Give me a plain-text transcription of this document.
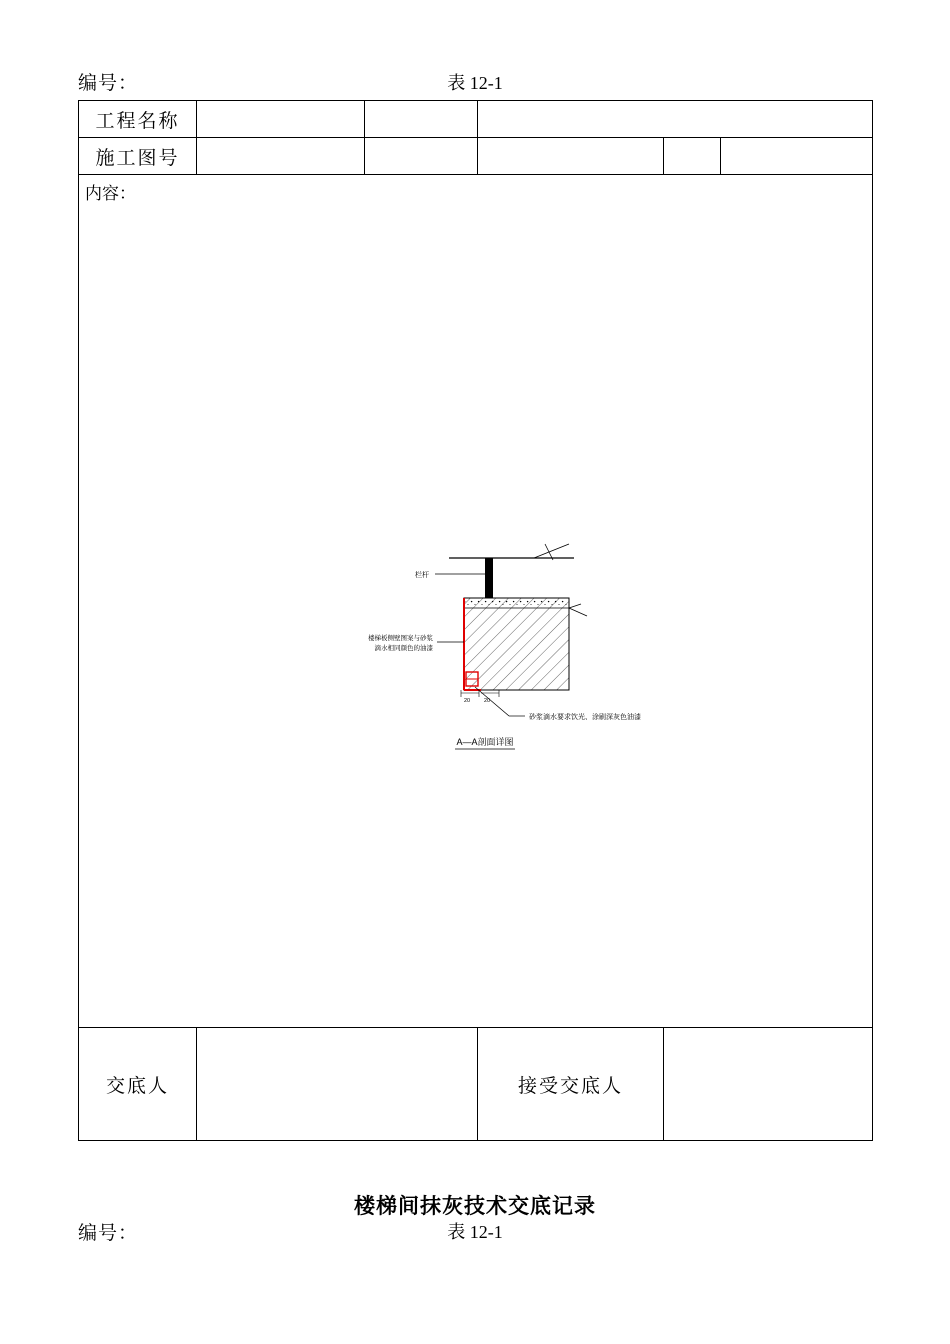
编号：	表 12-1
工程名称					
施工图号					

内容：
栏杆
20	20
楼梯板侧壁图案与砂浆
滴水相同颜色的油漆
砂浆滴水要求饮光、涂刷深灰色油漆
A—A剖面详图

交底人			接受交底人		
楼梯间抹灰技术交底记录
编号：	表 12-1
